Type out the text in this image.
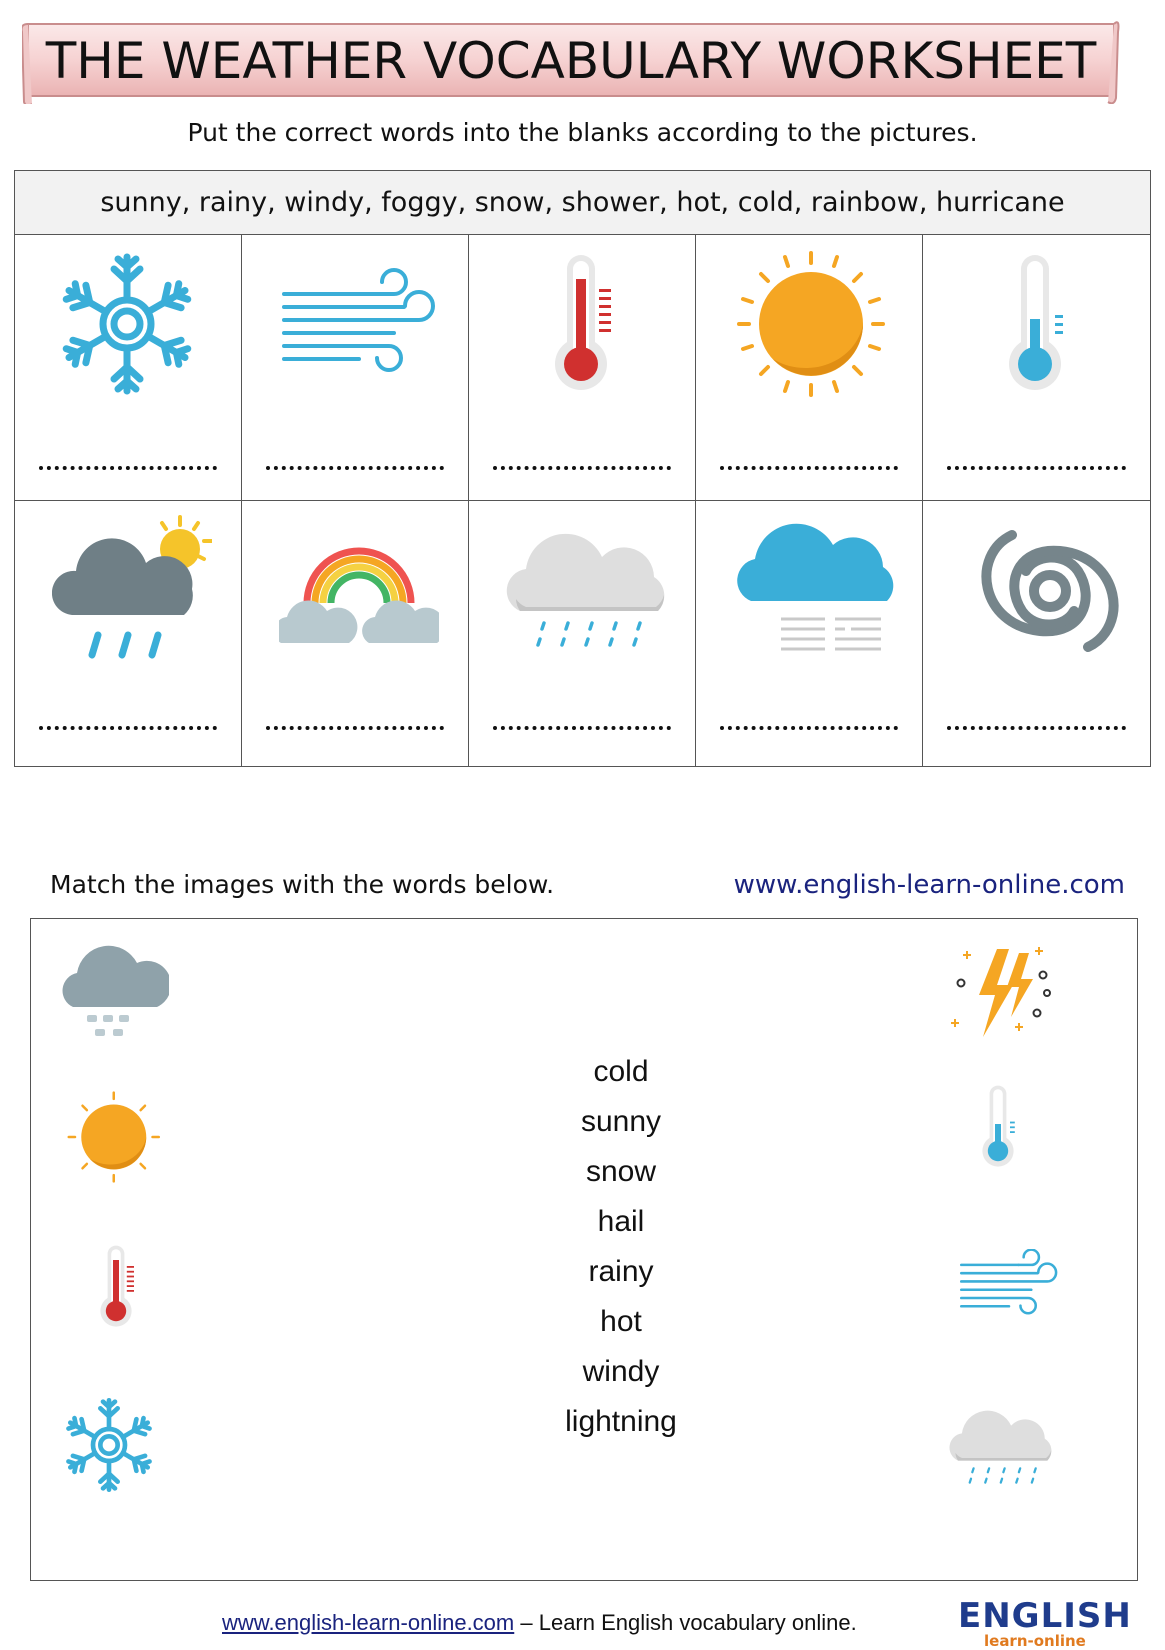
THE WEATHER VOCABULARY WORKSHEET
Put the correct words into the blanks according to the pictures.
sunny, rainy, windy, foggy, snow, shower, hot, cold, rainbow, hurricane
Match the images with the words below.	www.english-learn-online.com
cold
sunny
snow
hail
rainy
hot
windy
lightning
www.english-learn-online.com – Learn English vocabulary online.	ENGLISH
learn-online
